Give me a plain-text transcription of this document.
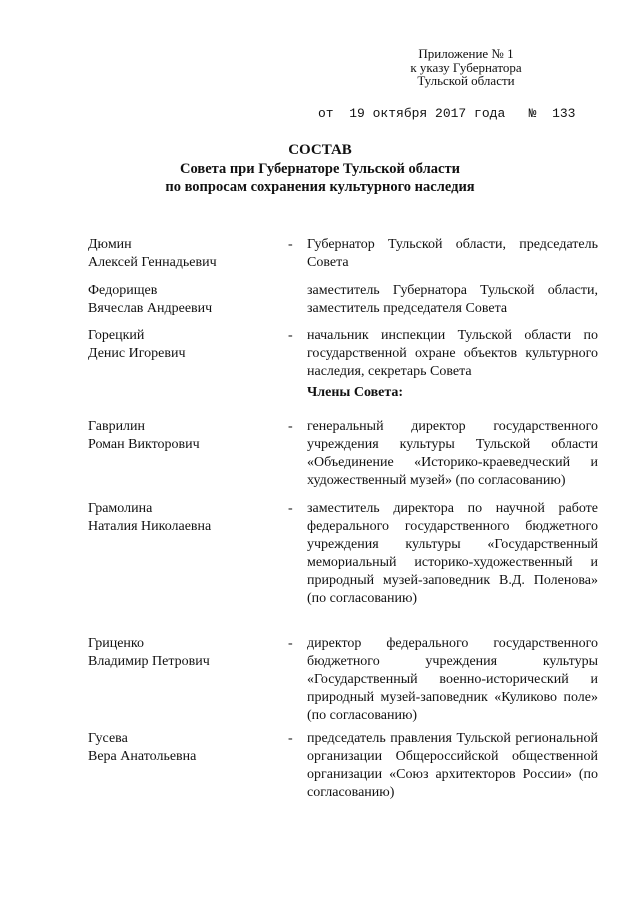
Приложение № 1
к указу Губернатора
Тульской области
от 19 октября 2017 года № 133
СОСТАВ
Совета при Губернаторе Тульской области
по вопросам сохранения культурного наследия
Дюмин
Алексей Геннадьевич
- Губернатор Тульской области, председатель Совета
Федорищев
Вячеслав Андреевич
заместитель Губернатора Тульской области, заместитель председателя Совета
Горецкий
Денис Игоревич
- начальник инспекции Тульской области по государственной охране объектов культурного наследия, секретарь Совета
Члены Совета:
Гаврилин
Роман Викторович
- генеральный директор государственного учреждения культуры Тульской области «Объединение «Историко-краеведческий и художественный музей» (по согласованию)
Грамолина
Наталия Николаевна
- заместитель директора по научной работе федерального государственного бюджетного учреждения культуры «Государственный мемориальный историко-художественный и природный музей-заповедник В.Д. Поленова» (по согласованию)
Гриценко
Владимир Петрович
- директор федерального государственного бюджетного учреждения культуры «Государственный военно-исторический и природный музей-заповедник «Куликово поле» (по согласованию)
Гусева
Вера Анатольевна
- председатель правления Тульской региональной организации Общероссийской общественной организации «Союз архитекторов России» (по согласованию)
